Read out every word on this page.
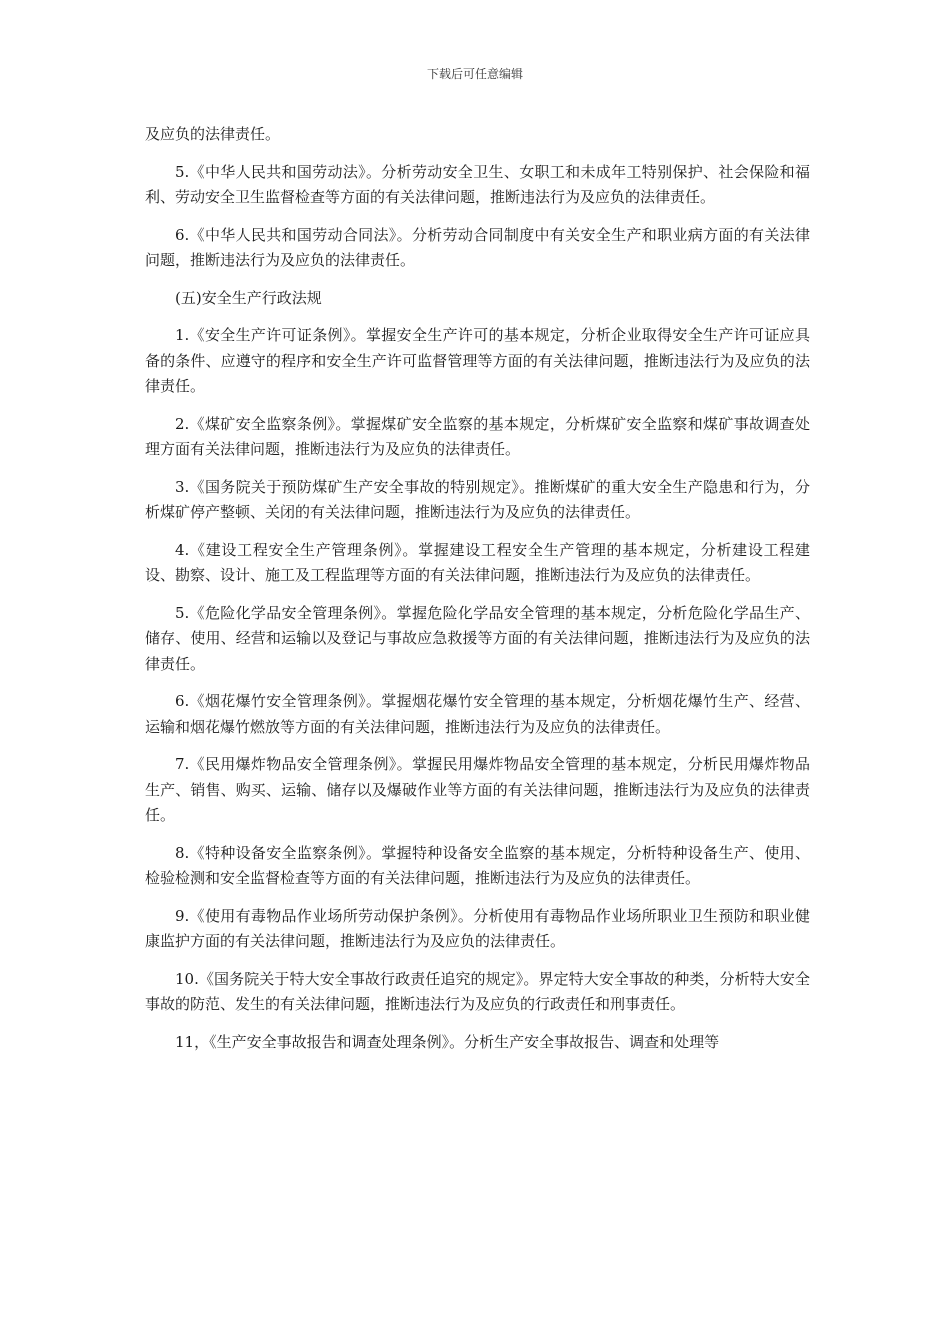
下载后可任意编辑

及应负的法律责任。

5.《中华人民共和国劳动法》。分析劳动安全卫生、女职工和未成年工特别保护、社会保险和福利、劳动安全卫生监督检查等方面的有关法律问题，推断违法行为及应负的法律责任。

6.《中华人民共和国劳动合同法》。分析劳动合同制度中有关安全生产和职业病方面的有关法律问题，推断违法行为及应负的法律责任。

(五)安全生产行政法规

1.《安全生产许可证条例》。掌握安全生产许可的基本规定，分析企业取得安全生产许可证应具备的条件、应遵守的程序和安全生产许可监督管理等方面的有关法律问题，推断违法行为及应负的法律责任。

2.《煤矿安全监察条例》。掌握煤矿安全监察的基本规定，分析煤矿安全监察和煤矿事故调查处理方面有关法律问题，推断违法行为及应负的法律责任。

3.《国务院关于预防煤矿生产安全事故的特别规定》。推断煤矿的重大安全生产隐患和行为，分析煤矿停产整顿、关闭的有关法律问题，推断违法行为及应负的法律责任。

4.《建设工程安全生产管理条例》。掌握建设工程安全生产管理的基本规定，分析建设工程建设、勘察、设计、施工及工程监理等方面的有关法律问题，推断违法行为及应负的法律责任。

5.《危险化学品安全管理条例》。掌握危险化学品安全管理的基本规定，分析危险化学品生产、储存、使用、经营和运输以及登记与事故应急救援等方面的有关法律问题，推断违法行为及应负的法律责任。

6.《烟花爆竹安全管理条例》。掌握烟花爆竹安全管理的基本规定，分析烟花爆竹生产、经营、运输和烟花爆竹燃放等方面的有关法律问题，推断违法行为及应负的法律责任。

7.《民用爆炸物品安全管理条例》。掌握民用爆炸物品安全管理的基本规定，分析民用爆炸物品生产、销售、购买、运输、储存以及爆破作业等方面的有关法律问题，推断违法行为及应负的法律责任。

8.《特种设备安全监察条例》。掌握特种设备安全监察的基本规定，分析特种设备生产、使用、检验检测和安全监督检查等方面的有关法律问题，推断违法行为及应负的法律责任。

9.《使用有毒物品作业场所劳动保护条例》。分析使用有毒物品作业场所职业卫生预防和职业健康监护方面的有关法律问题，推断违法行为及应负的法律责任。

10.《国务院关于特大安全事故行政责任追究的规定》。界定特大安全事故的种类，分析特大安全事故的防范、发生的有关法律问题，推断违法行为及应负的行政责任和刑事责任。

11，《生产安全事故报告和调查处理条例》。分析生产安全事故报告、调查和处理等
